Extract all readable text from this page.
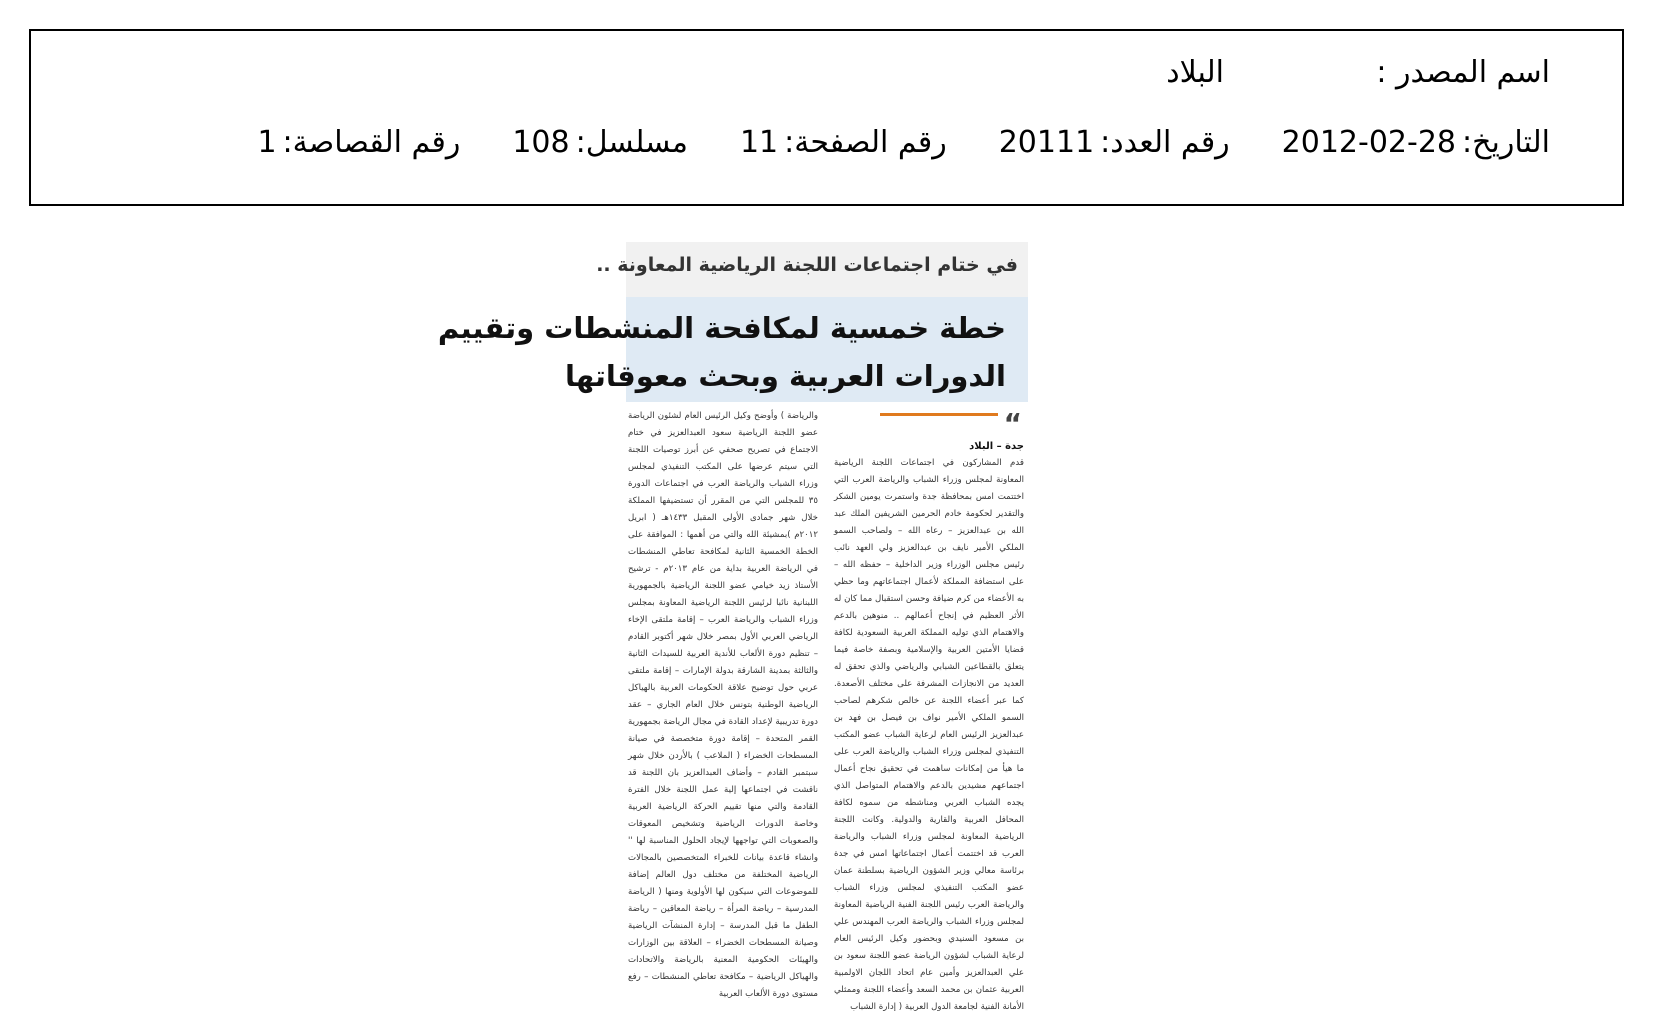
اسم المصدر :
البلاد
التاريخ:
2012-02-28
رقم العدد:
20111
رقم الصفحة:
11
مسلسل:
108
رقم القصاصة:
1
في ختام اجتماعات اللجنة الرياضية المعاونة ..
خطة خمسية لمكافحة المنشطات وتقييم
الدورات العربية وبحث معوقاتها
“
جدة – البلاد
قدم المشاركون في اجتماعات اللجنة الرياضية المعاونة لمجلس وزراء الشباب والرياضة العرب التي اختتمت امس بمحافظة جدة واستمرت يومين الشكر والتقدير لحكومة خادم الحرمين الشريفين الملك عبد الله بن عبدالعزيز – رعاه الله – ولصاحب السمو الملكي الأمير نايف بن عبدالعزيز ولي العهد نائب رئيس مجلس الوزراء وزير الداخلية – حفظه الله – على استضافة المملكة لأعمال اجتماعاتهم وما حظي به الأعضاء من كرم ضيافة وحسن استقبال مما كان له الأثر العظيم في إنجاح أعمالهم .. منوهين بالدعم والاهتمام الذي توليه المملكة العربية السعودية لكافة قضايا الأمتين العربية والإسلامية وبصفة خاصة فيما يتعلق بالقطاعين الشبابي والرياضي والذي تحقق له العديد من الانجازات المشرفة على مختلف الأصعدة. كما عبر أعضاء اللجنة عن خالص شكرهم لصاحب السمو الملكي الأمير نواف بن فيصل بن فهد بن عبدالعزيز الرئيس العام لرعاية الشباب عضو المكتب التنفيذي لمجلس وزراء الشباب والرياضة العرب على ما هيأ من إمكانات ساهمت في تحقيق نجاح أعمال اجتماعهم مشيدين بالدعم والاهتمام المتواصل الذي يجده الشباب العربي ومناشطه من سموه لكافة المحافل العربية والقارية والدولية. وكانت اللجنة الرياضية المعاونة لمجلس وزراء الشباب والرياضة العرب قد اختتمت أعمال اجتماعاتها امس في جدة برئاسة معالي وزير الشؤون الرياضية بسلطنة عمان عضو المكتب التنفيذي لمجلس وزراء الشباب والرياضة العرب رئيس اللجنة الفنية الرياضية المعاونة لمجلس وزراء الشباب والرياضة العرب المهندس علي بن مسعود السنيدي وبحضور وكيل الرئيس العام لرعاية الشباب لشؤون الرياضة عضو اللجنة سعود بن علي العبدالعزيز وأمين عام اتحاد اللجان الاولمبية العربية عثمان بن محمد السعد وأعضاء اللجنة وممثلي الأمانة الفنية لجامعة الدول العربية ( إدارة الشباب
والرياضة ) وأوضح وكيل الرئيس العام لشئون الرياضة عضو اللجنة الرياضية سعود العبدالعزيز في ختام الاجتماع في تصريح صحفي عن أبرز توصيات اللجنة التي سيتم عرضها على المكتب التنفيذي لمجلس وزراء الشباب والرياضة العرب في اجتماعات الدورة ٣٥ للمجلس التي من المقرر أن تستضيفها المملكة خلال شهر جمادى الأولى المقبل ١٤٣٣هـ ( ابريل ٢٠١٢م )بمشيئة الله والتي من أهمها : الموافقة على الخطة الخمسية الثانية لمكافحة تعاطي المنشطات في الرياضة العربية بداية من عام ٢٠١٣م - ترشيح الأستاذ زيد خيامي عضو اللجنة الرياضية بالجمهورية اللبنانية نائبا لرئيس اللجنة الرياضية المعاونة بمجلس وزراء الشباب والرياضة العرب – إقامة ملتقى الإخاء الرياضي العربي الأول بمصر خلال شهر أكتوبر القادم – تنظيم دورة الألعاب للأندية العربية للسيدات الثانية والثالثة بمدينة الشارقة بدولة الإمارات – إقامة ملتقى عربي حول توضيح علاقة الحكومات العربية بالهياكل الرياضية الوطنية بتونس خلال العام الجاري – عقد دورة تدريبية لإعداد القادة في مجال الرياضة بجمهورية القمر المتحدة – إقامة دورة متخصصة في صيانة المسطحات الخضراء ( الملاعب ) بالأردن خلال شهر سبتمبر القادم – وأضاف العبدالعزيز بان اللجنة قد ناقشت في اجتماعها إلية عمل اللجنة خلال الفترة القادمة والتي منها تقييم الحركة الرياضية العربية وخاصة الدورات الرياضية وتشخيص المعوقات والصعوبات التي تواجهها لإيجاد الحلول المناسبة لها '' وانشاء قاعدة بيانات للخبراء المتخصصين بالمجالات الرياضية المختلفة من مختلف دول العالم إضافة للموضوعات التي سيكون لها الأولوية ومنها ( الرياضة المدرسية – رياضة المرأة – رياضة المعاقين – رياضة الطفل ما قبل المدرسة – إدارة المنشآت الرياضية وصيانة المسطحات الخضراء – العلاقة بين الوزارات والهيئات الحكومية المعنية بالرياضة والاتحادات والهياكل الرياضية – مكافحة تعاطي المنشطات – رفع مستوى دورة الألعاب العربية
